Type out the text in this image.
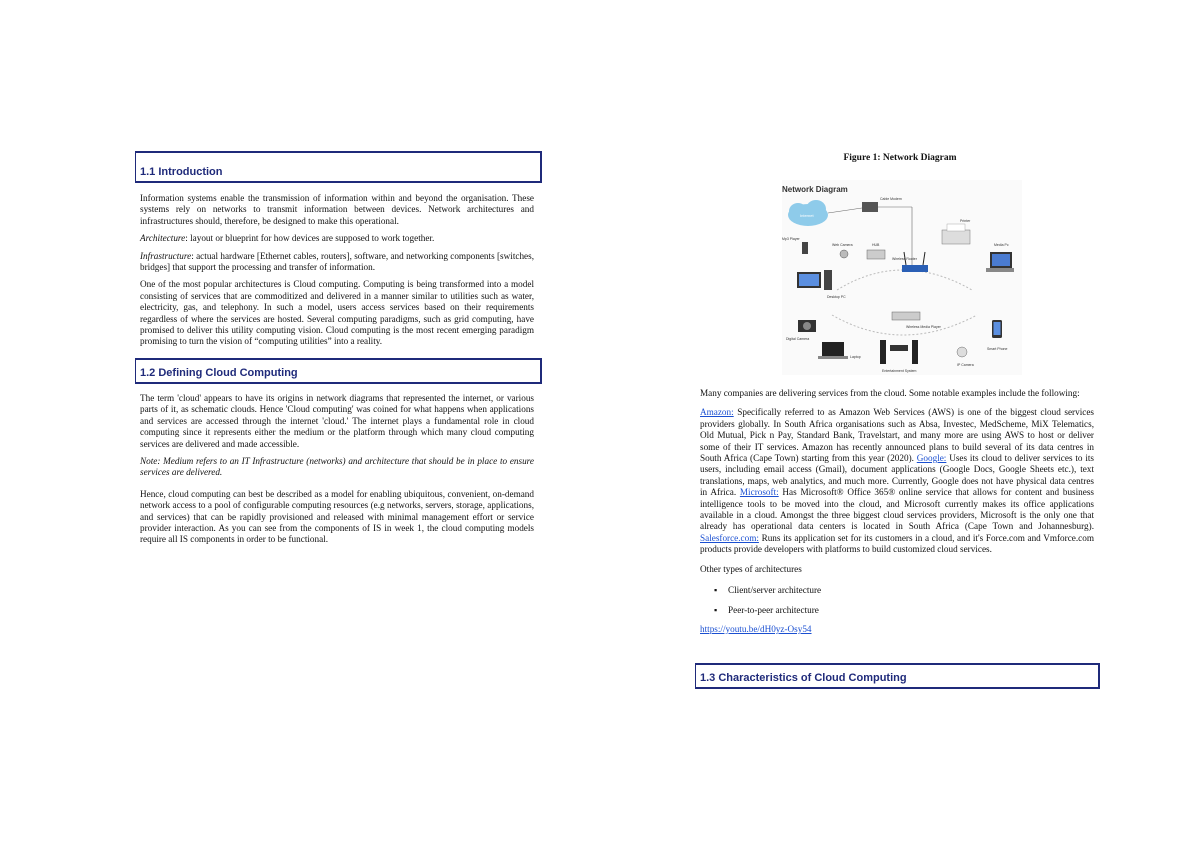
1.1 Introduction

Information systems enable the transmission of information within and beyond the organisation. These systems rely on networks to transmit information between devices. Network architectures and infrastructures should, therefore, be designed to make this operational.

Architecture: layout or blueprint for how devices are supposed to work together.

Infrastructure: actual hardware [Ethernet cables, routers], software, and networking components [switches, bridges] that support the processing and transfer of information.

One of the most popular architectures is Cloud computing. Computing is being transformed into a model consisting of services that are commoditized and delivered in a manner similar to utilities such as water, electricity, gas, and telephony. In such a model, users access services based on their requirements regardless of where the services are hosted. Several computing paradigms, such as grid computing, have promised to deliver this utility computing vision. Cloud computing is the most recent emerging paradigm promising to turn the vision of “computing utilities” into a reality.

1.2 Defining Cloud Computing

The term 'cloud' appears to have its origins in network diagrams that represented the internet, or various parts of it, as schematic clouds. Hence 'Cloud computing' was coined for what happens when applications and services are accessed through the internet 'cloud.' The internet plays a fundamental role in cloud computing since it represents either the medium or the platform through which many cloud computing services are delivered and made accessible.

Note: Medium refers to an IT Infrastructure (networks) and architecture that should be in place to ensure services are delivered.

Hence, cloud computing can best be described as a model for enabling ubiquitous, convenient, on-demand network access to a pool of configurable computing resources (e.g networks, servers, storage, applications, and services) that can be rapidly provisioned and released with minimal management effort or service provider interaction. As you can see from the components of IS in week 1, the cloud computing models require all IS components in order to be functional.

Figure 1: Network Diagram
Network Diagram
Internet
Cable Modem
Printer
Mp3 Player
Web Camera	HUB
Wireless Router
Media Pc
Desktop PC
Digital Camera
Laptop
Wireless Media Player
Entertainment System
IP Camera
Smart Phone

Many companies are delivering services from the cloud. Some notable examples include the following:

Amazon: Specifically referred to as Amazon Web Services (AWS) is one of the biggest cloud services providers globally. In South Africa organisations such as Absa, Investec, MedScheme, MiX Telematics, Old Mutual, Pick n Pay, Standard Bank, Travelstart, and many more are using AWS to host or deliver some of their IT services. Amazon has recently announced plans to build several of its data centres in South Africa (Cape Town) starting from this year (2020). Google: Uses its cloud to deliver services to its users, including email access (Gmail), document applications (Google Docs, Google Sheets etc.), text translations, maps, web analytics, and much more. Currently, Google does not have physical data centres in Africa. Microsoft: Has Microsoft® Office 365® online service that allows for content and business intelligence tools to be moved into the cloud, and Microsoft currently makes its office applications available in a cloud. Amongst the three biggest cloud services providers, Microsoft is the only one that already has operational data centers is located in South Africa (Cape Town and Johannesburg). Salesforce.com: Runs its application set for its customers in a cloud, and it's Force.com and Vmforce.com products provide developers with platforms to build customized cloud services.

Other types of architectures

▪ Client/server architecture
▪ Peer-to-peer architecture
https://youtu.be/dH0yz-Osy54
1.3 Characteristics of Cloud Computing
